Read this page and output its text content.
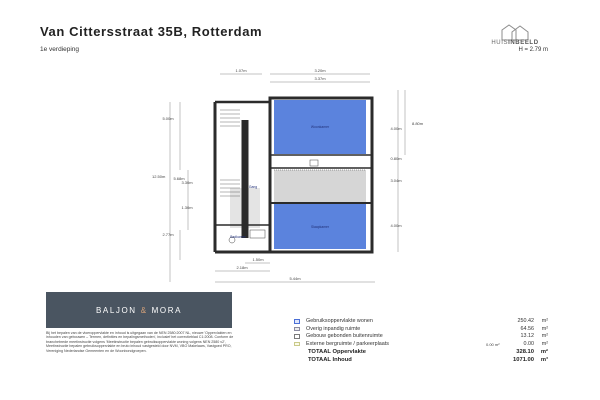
Van Cittersstraat 35B, Rotterdam
1e verdieping
HUISINBEELD
H = 2.79 m
1.07m	3.20m
3.37m
5.00m
12.50m 5.68m
3.30m
1.30m
2.77m
8.80m
4.00m
0.80m
3.04m
4.00m
1.50m
2.18m
5.44m
Woonkamer
Slaapkamer
Gang
Badkamer
BALJON & MORA
Bij het bepalen van de vloeroppervlakte en inhoud is uitgegaan van de NEN 2580:2007 NL, nieuwe 'Oppervlakten en inhouden van gebouwen – Termen, definities en bepalingsmethoden', inclusief het correctieblad C1:2008. Conform de branchebrede meetinstructie volgens 'Meetinstructie bepalen gebruiksoppervlakte woning volgens NEN 2580 v2', Meetinstructie bepalen gebruiksoppervlakte en bruto inhoud vastgesteld door NVM, VBO Makelaars, Vastgoed PRO, Vereniging Nederlandse Gemeenten en de Woonbondgroepen.
Gebruiksoppervlakte wonen	250.42 m²
Overig inpandig ruimte	64.56 m²
Gebouw gebonden buitenruimte	13.12 m²
Externe bergruimte / parkeerplaats	0.00 m²	0.00 m²
TOTAAL Oppervlakte	328.10 m²
TOTAAL Inhoud	1071.00 m³
